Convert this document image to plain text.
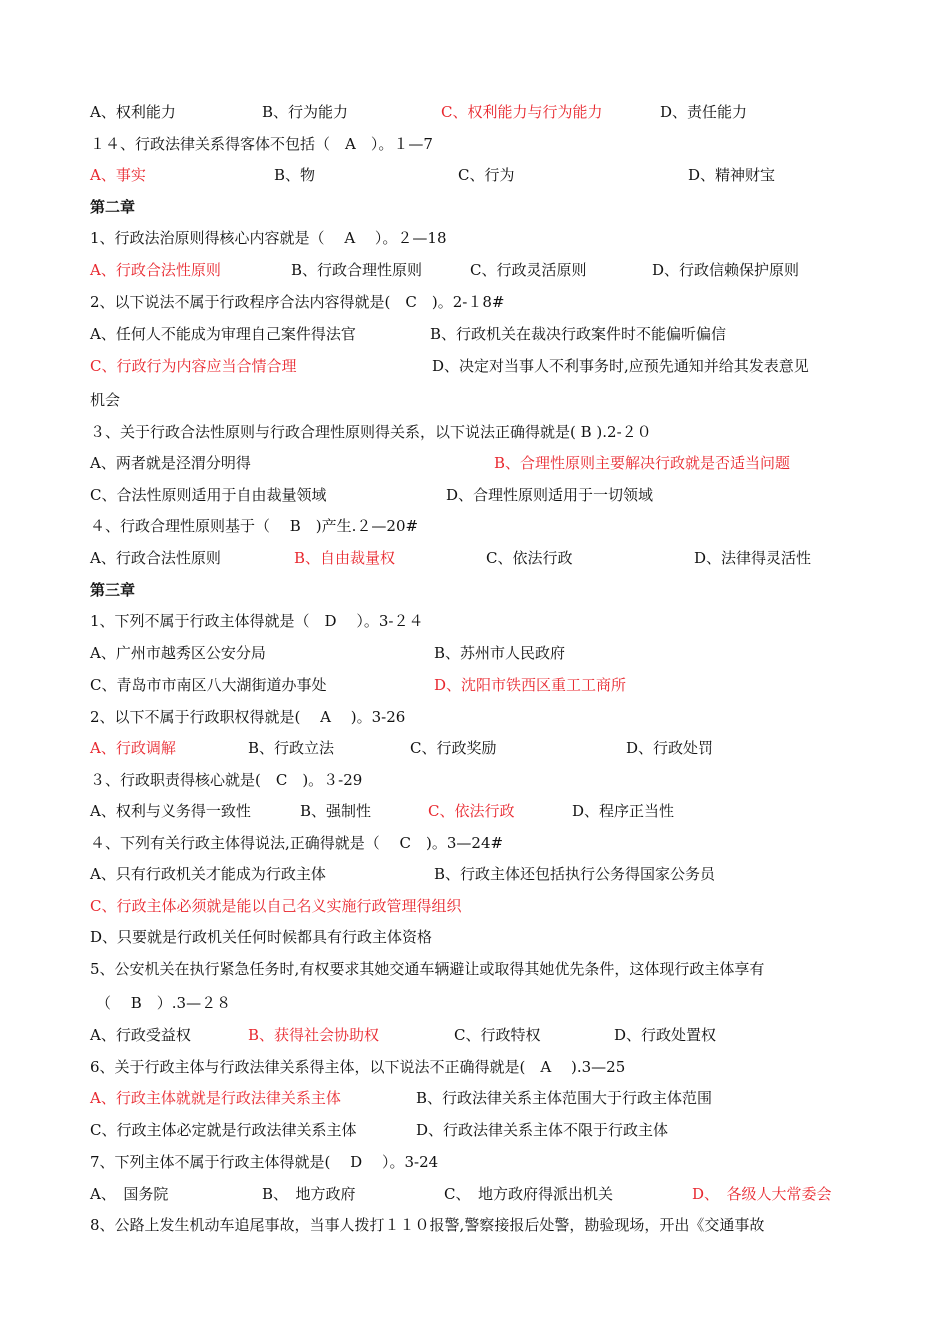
A、权利能力	B、行为能力	C、权利能力与行为能力	D、责任能力
１４、行政法律关系得客体不包括（　A　）。１—7
A、事实	B、物	C、行为	D、精神财宝
第二章
1、行政法治原则得核心内容就是（　 A　 ）。２—18
A、行政合法性原则	B、行政合理性原则	C、行政灵活原则	D、行政信赖保护原则
2、以下说法不属于行政程序合法内容得就是(　C　)。2-１8#
A、任何人不能成为审理自己案件得法官	B、行政机关在裁决行政案件时不能偏听偏信
C、行政行为内容应当合情合理	D、决定对当事人不利事务时,应预先通知并给其发表意见
机会
３、关于行政合法性原则与行政合理性原则得关系，以下说法正确得就是( B ).2-２０
A、两者就是泾渭分明得	B、合理性原则主要解决行政就是否适当问题
C、合法性原则适用于自由裁量领域	D、合理性原则适用于一切领域
４、行政合理性原则基于（　 B　)产生.２—20#
A、行政合法性原则	B、自由裁量权	C、依法行政	D、法律得灵活性
第三章
1、下列不属于行政主体得就是（　D　 ）。3-２４
A、广州市越秀区公安分局	B、苏州市人民政府
C、青岛市市南区八大湖街道办事处	D、沈阳市铁西区重工工商所
2、以下不属于行政职权得就是(　 A　 )。3-26
A、行政调解	B、行政立法	C、行政奖励	D、行政处罚
３、行政职责得核心就是(　C　)。３-29
A、权利与义务得一致性	B、强制性	C、依法行政	D、程序正当性
４、下列有关行政主体得说法,正确得就是（　 C　)。3—24#
A、只有行政机关才能成为行政主体	B、行政主体还包括执行公务得国家公务员
C、行政主体必须就是能以自己名义实施行政管理得组织
D、只要就是行政机关任何时候都具有行政主体资格
5、公安机关在执行紧急任务时,有权要求其她交通车辆避让或取得其她优先条件，这体现行政主体享有
（　 B　）.3—２８
A、行政受益权	B、获得社会协助权	C、行政特权	D、行政处置权
6、关于行政主体与行政法律关系得主体，以下说法不正确得就是(　A　 ).3—25
A、行政主体就就是行政法律关系主体	B、行政法律关系主体范围大于行政主体范围
C、行政主体必定就是行政法律关系主体	D、行政法律关系主体不限于行政主体
7、下列主体不属于行政主体得就是(　 D　 ）。3-24
A、　国务院	B、　地方政府	C、　地方政府得派出机关	D、　各级人大常委会
8、公路上发生机动车追尾事故，当事人拨打１１０报警,警察接报后处警，勘验现场，开出《交通事故
